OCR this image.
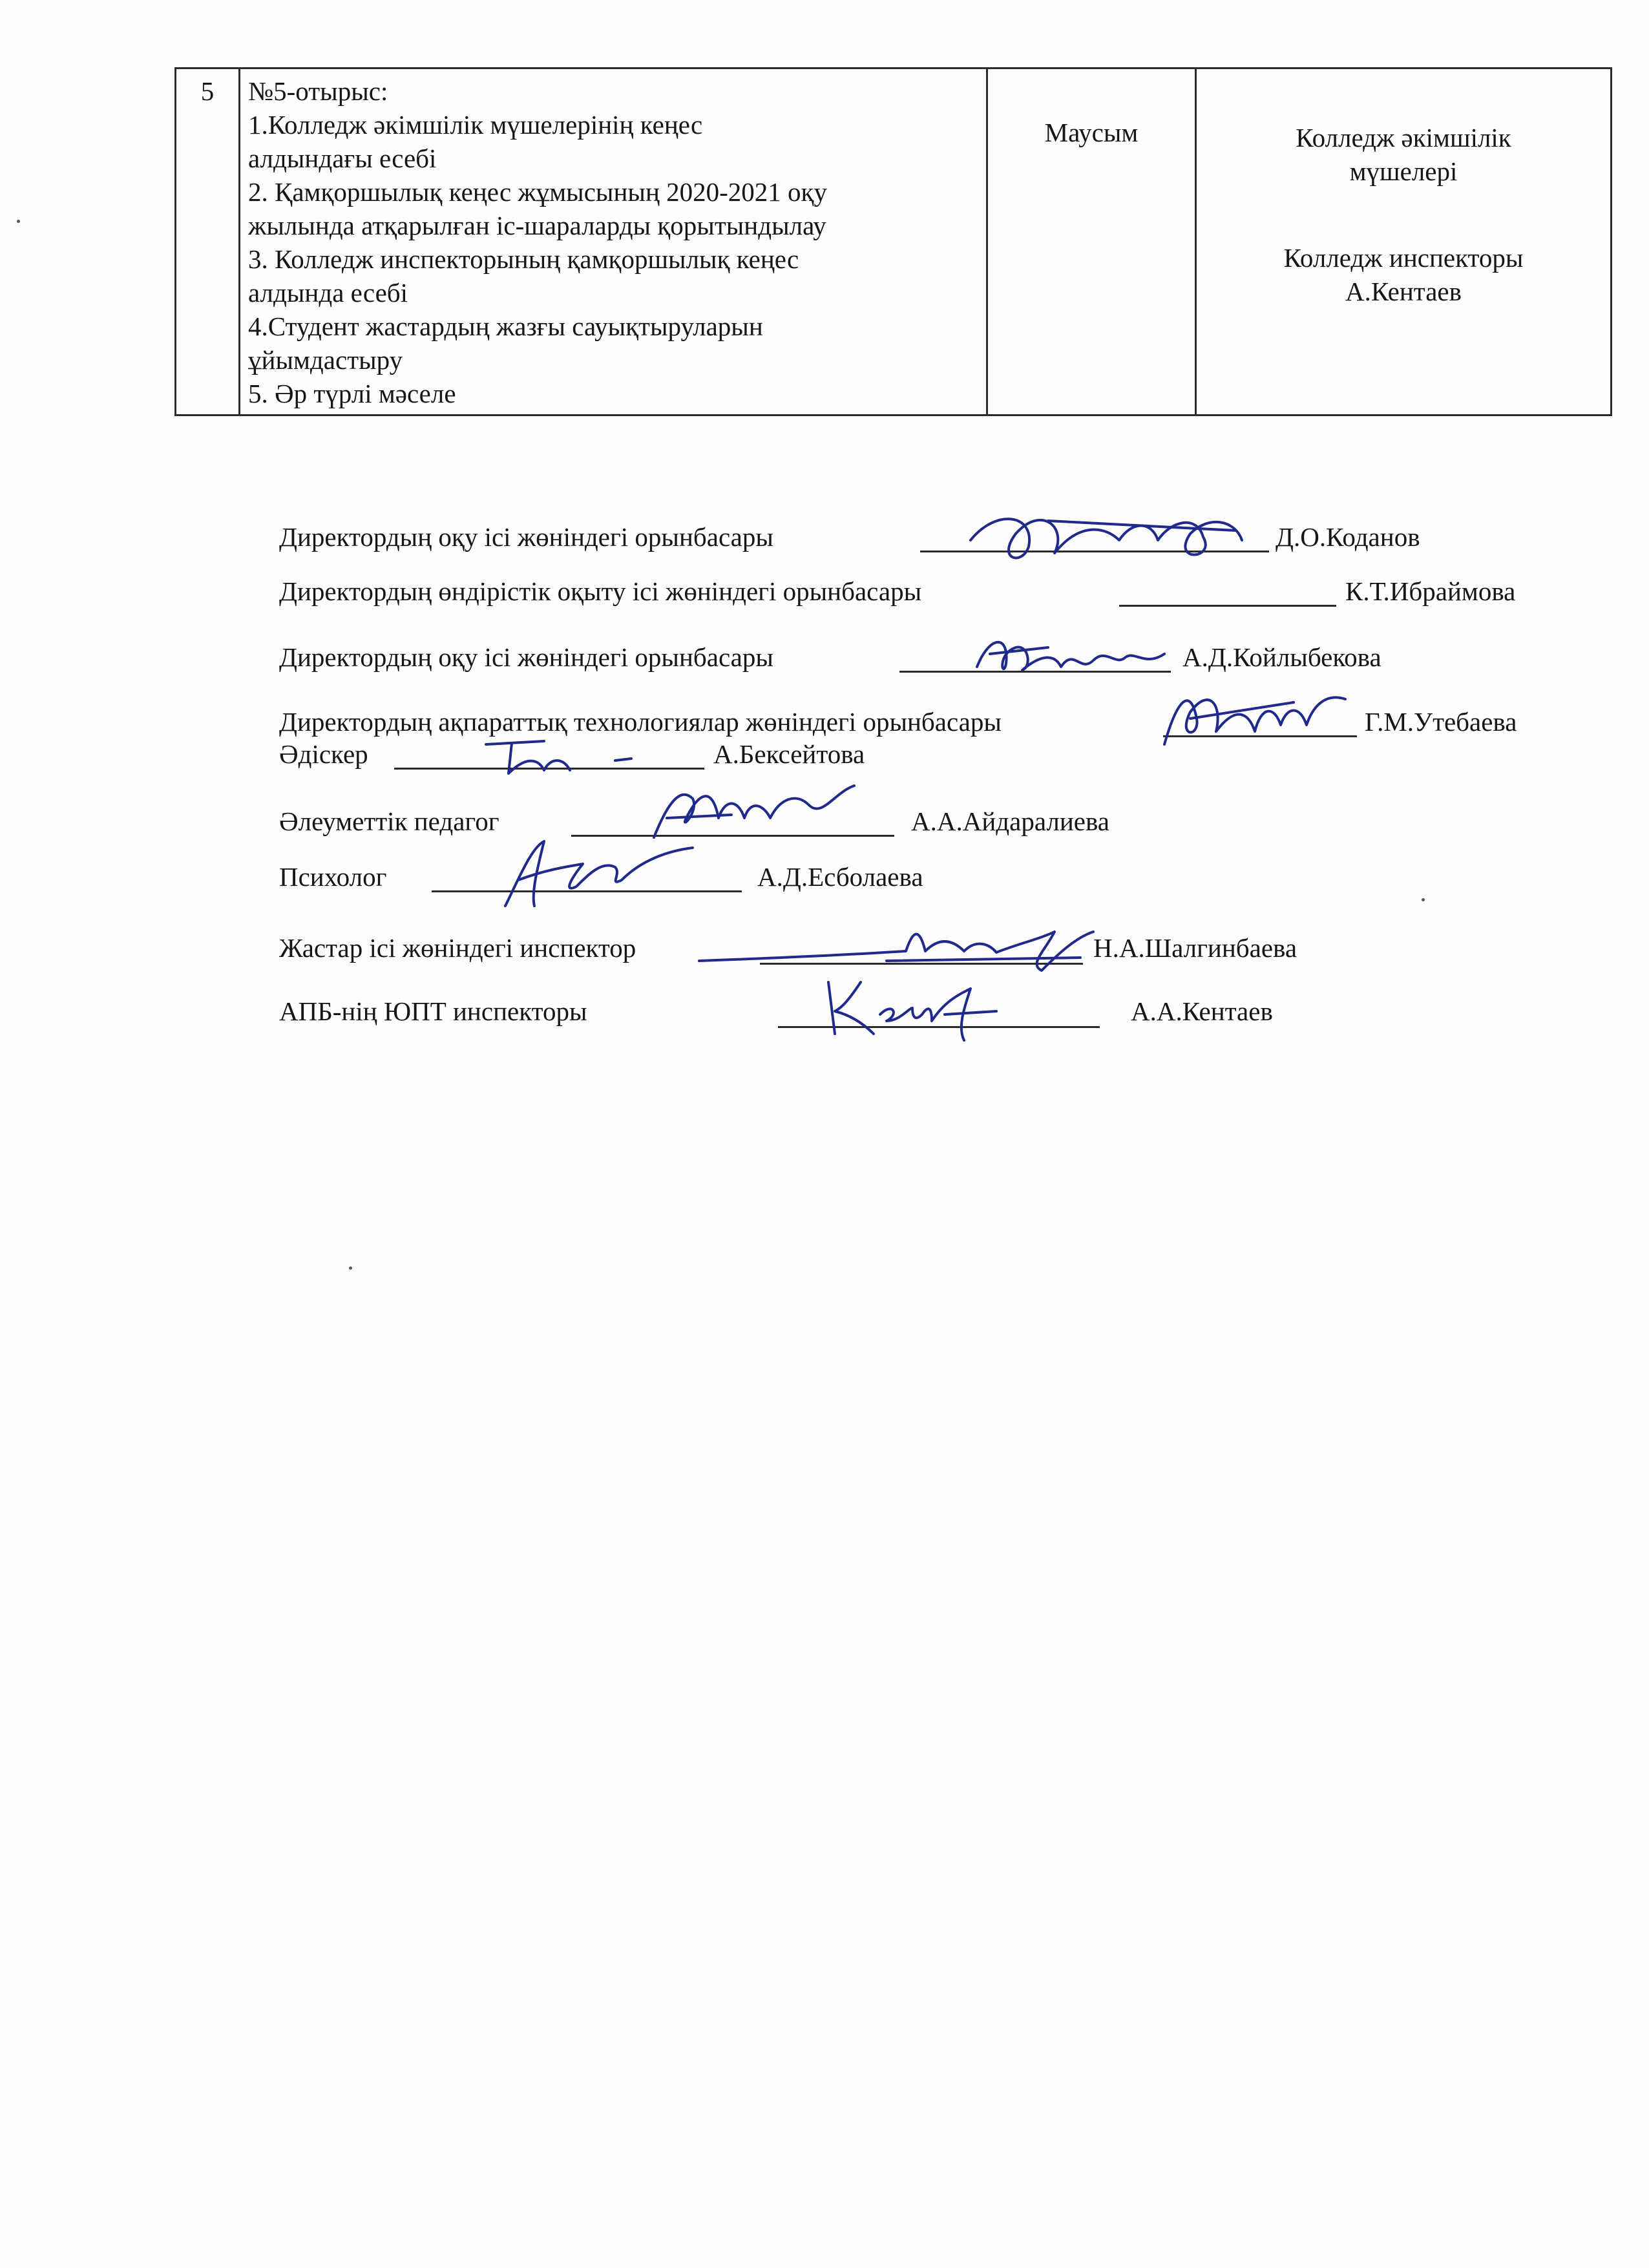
5	№5-отырыс:
1.Колледж әкімшілік мүшелерінің кеңес
алдындағы есебі
2. Қамқоршылық кеңес жұмысының 2020-2021 оқу
жылында атқарылған іс-шараларды қорытындылау
3. Колледж инспекторының қамқоршылық кеңес
алдында есебі
4.Студент жастардың жазғы сауықтыруларын
ұйымдастыру
5. Әр түрлі мәселе
	Маусым	Колледж әкімшілік
мүшелері
Колледж инспекторы
А.Кентаев
Директордың оқу ісі жөніндегі орынбасары	Д.О.Коданов
Директордың өндірістік оқыту ісі жөніндегі орынбасары	К.Т.Ибраймова
Директордың оқу ісі жөніндегі орынбасары	А.Д.Койлыбекова
Директордың ақпараттық технологиялар жөніндегі орынбасары	Г.М.Утебаева
Әдіскер	А.Бексейтова
Әлеуметтік педагог	А.А.Айдаралиева
Психолог	А.Д.Есболаева
Жастар ісі жөніндегі инспектор	Н.А.Шалгинбаева
АПБ-нің ЮПТ инспекторы	А.А.Кентаев
